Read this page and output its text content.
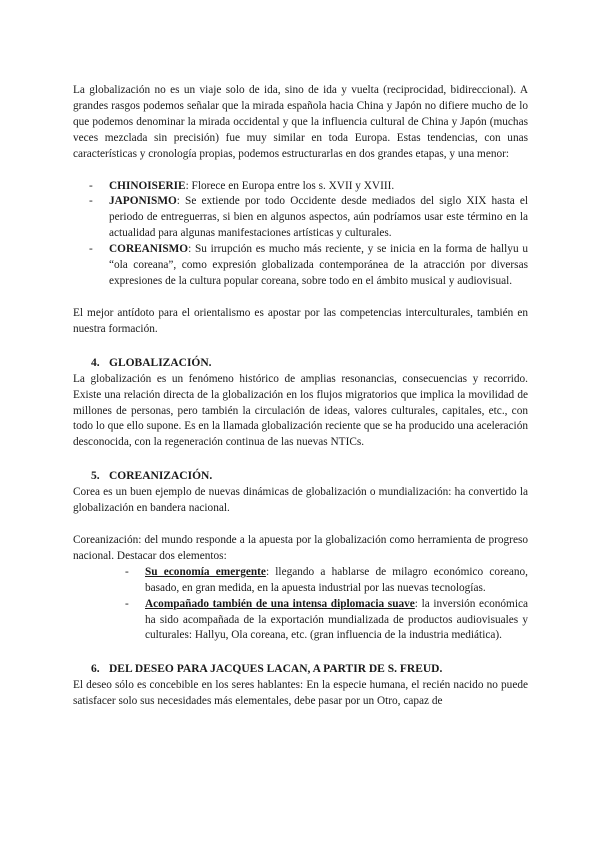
La globalización no es un viaje solo de ida, sino de ida y vuelta (reciprocidad, bidireccional). A grandes rasgos podemos señalar que la mirada española hacia China y Japón no difiere mucho de lo que podemos denominar la mirada occidental y que la influencia cultural de China y Japón (muchas veces mezclada sin precisión) fue muy similar en toda Europa. Estas tendencias, con unas características y cronología propias, podemos estructurarlas en dos grandes etapas, y una menor:

- CHINOISERIE: Florece en Europa entre los s. XVII y XVIII.
- JAPONISMO: Se extiende por todo Occidente desde mediados del siglo XIX hasta el periodo de entreguerras, si bien en algunos aspectos, aún podríamos usar este término en la actualidad para algunas manifestaciones artísticas y culturales.
- COREANISMO: Su irrupción es mucho más reciente, y se inicia en la forma de hallyu u “ola coreana”, como expresión globalizada contemporánea de la atracción por diversas expresiones de la cultura popular coreana, sobre todo en el ámbito musical y audiovisual.

El mejor antídoto para el orientalismo es apostar por las competencias interculturales, también en nuestra formación.

4. GLOBALIZACIÓN.

La globalización es un fenómeno histórico de amplias resonancias, consecuencias y recorrido. Existe una relación directa de la globalización en los flujos migratorios que implica la movilidad de millones de personas, pero también la circulación de ideas, valores culturales, capitales, etc., con todo lo que ello supone. Es en la llamada globalización reciente que se ha producido una aceleración desconocida, con la regeneración continua de las nuevas NTICs.

5. COREANIZACIÓN.

Corea es un buen ejemplo de nuevas dinámicas de globalización o mundialización: ha convertido la globalización en bandera nacional.

Coreanización: del mundo responde a la apuesta por la globalización como herramienta de progreso nacional. Destacar dos elementos:

- Su economía emergente: llegando a hablarse de milagro económico coreano, basado, en gran medida, en la apuesta industrial por las nuevas tecnologías.
- Acompañado también de una intensa diplomacia suave: la inversión económica ha sido acompañada de la exportación mundializada de productos audiovisuales y culturales: Hallyu, Ola coreana, etc. (gran influencia de la industria mediática).
6. DEL DESEO PARA JACQUES LACAN, A PARTIR DE S. FREUD.

El deseo sólo es concebible en los seres hablantes: En la especie humana, el recién nacido no puede satisfacer solo sus necesidades más elementales, debe pasar por un Otro, capaz de
